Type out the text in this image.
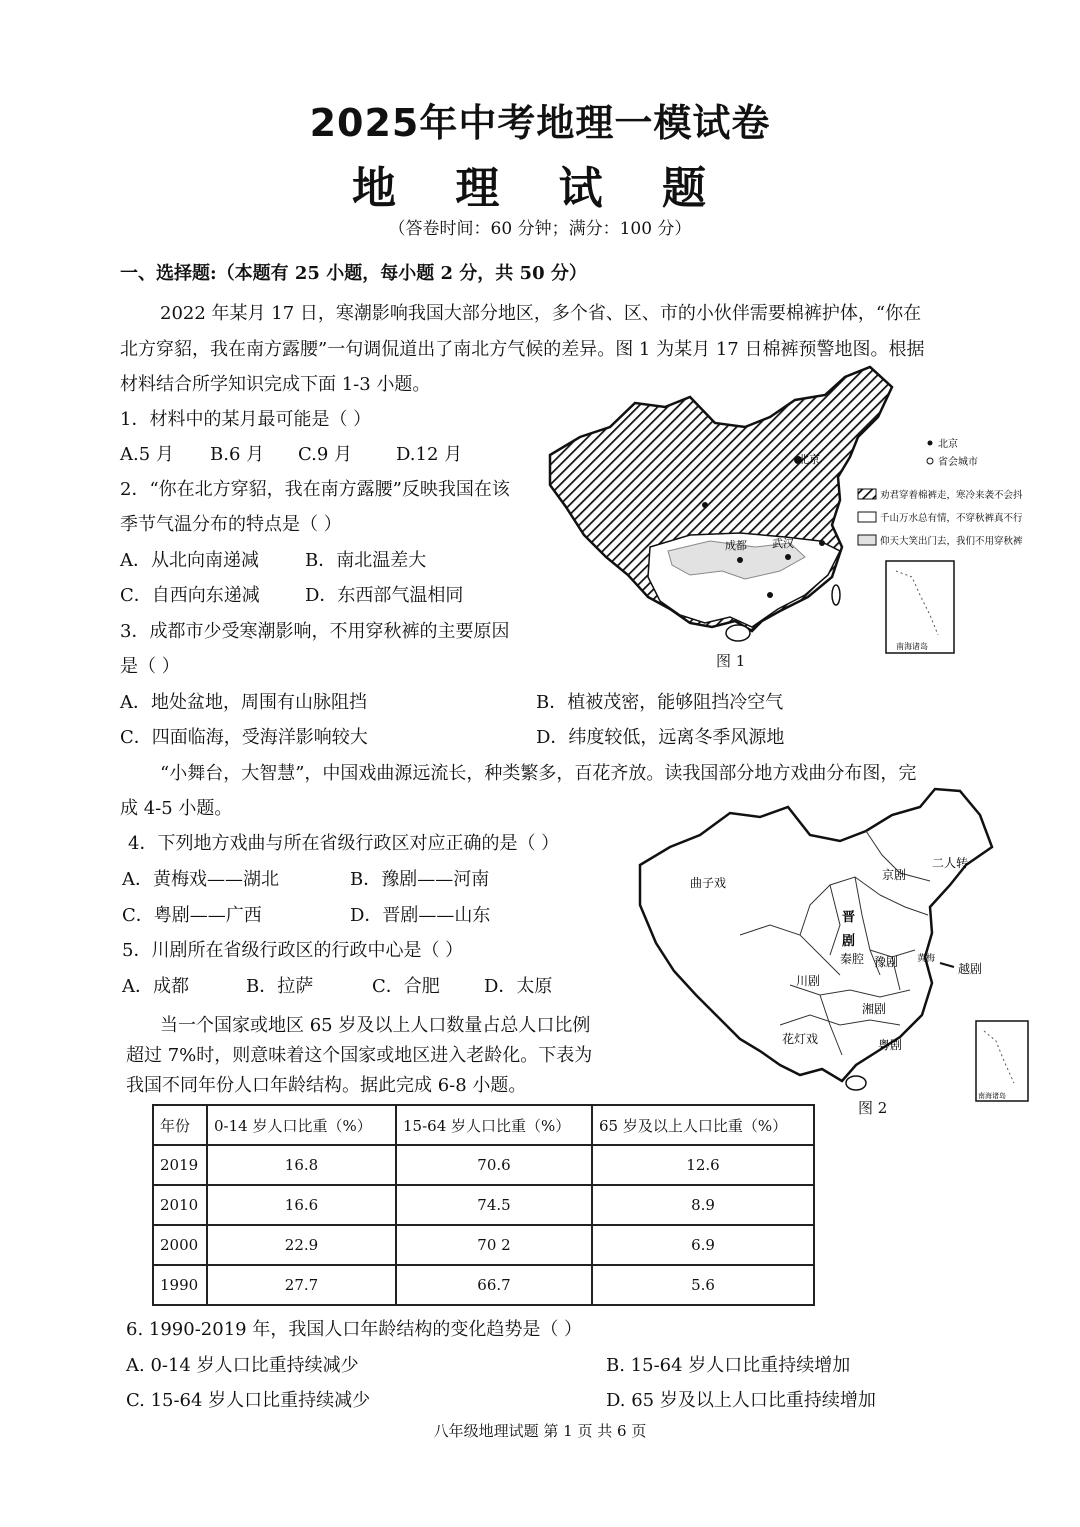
2025年中考地理一模试卷
地 理 试 题
（答卷时间：60 分钟；满分：100 分）
一、选择题:（本题有 25 小题，每小题 2 分，共 50 分）
2022 年某月 17 日，寒潮影响我国大部分地区，多个省、区、市的小伙伴需要棉裤护体，“你在
北方穿貂，我在南方露腰”一句调侃道出了南北方气候的差异。图 1 为某月 17 日棉裤预警地图。根据
材料结合所学知识完成下面 1-3 小题。
1．材料中的某月最可能是（ ）
A.5 月 B.6 月 C.9 月 D.12 月
2．“你在北方穿貂，我在南方露腰”反映我国在该
季节气温分布的特点是（ ）
A．从北向南递减	B．南北温差大
C．自西向东递减	D．东西部气温相同
3．成都市少受寒潮影响，不用穿秋裤的主要原因
是（ ）
A．地处盆地，周围有山脉阻挡	B．植被茂密，能够阻挡冷空气
C．四面临海，受海洋影响较大	D．纬度较低，远离冬季风源地
北京
成都 武汉
北京
省会城市
劝君穿着棉裤走，寒冷来袭不会抖
千山万水总有情，不穿秋裤真不行
仰天大笑出门去，我们不用穿秋裤
南海诸岛
图 1
“小舞台，大智慧”，中国戏曲源远流长，种类繁多，百花齐放。读我国部分地方戏曲分布图，完
成 4-5 小题。
4．下列地方戏曲与所在省级行政区对应正确的是（ ）
A．黄梅戏——湖北	B．豫剧——河南
C．粤剧——广西	D．晋剧——山东
5．川剧所在省级行政区的行政中心是（ ）
A．成都	B．拉萨	C．合肥 D．太原
曲子戏
二人转
京剧
晋
剧
秦腔 豫剧 黄梅
越剧
川剧
湘剧
花灯戏	粤剧
南海诸岛
图 2
当一个国家或地区 65 岁及以上人口数量占总人口比例
超过 7%时，则意味着这个国家或地区进入老龄化。下表为
我国不同年份人口年龄结构。据此完成 6-8 小题。
年份	0-14 岁人口比重（%）	15-64 岁人口比重（%）	65 岁及以上人口比重（%）
2019	16.8	70.6	12.6
2010	16.6	74.5	8.9
2000	22.9	70 2	6.9
1990	27.7	66.7	5.6
6. 1990-2019 年，我国人口年龄结构的变化趋势是（ ）
A. 0-14 岁人口比重持续减少	B. 15-64 岁人口比重持续增加
C. 15-64 岁人口比重持续减少	D. 65 岁及以上人口比重持续增加
八年级地理试题 第 1 页 共 6 页
